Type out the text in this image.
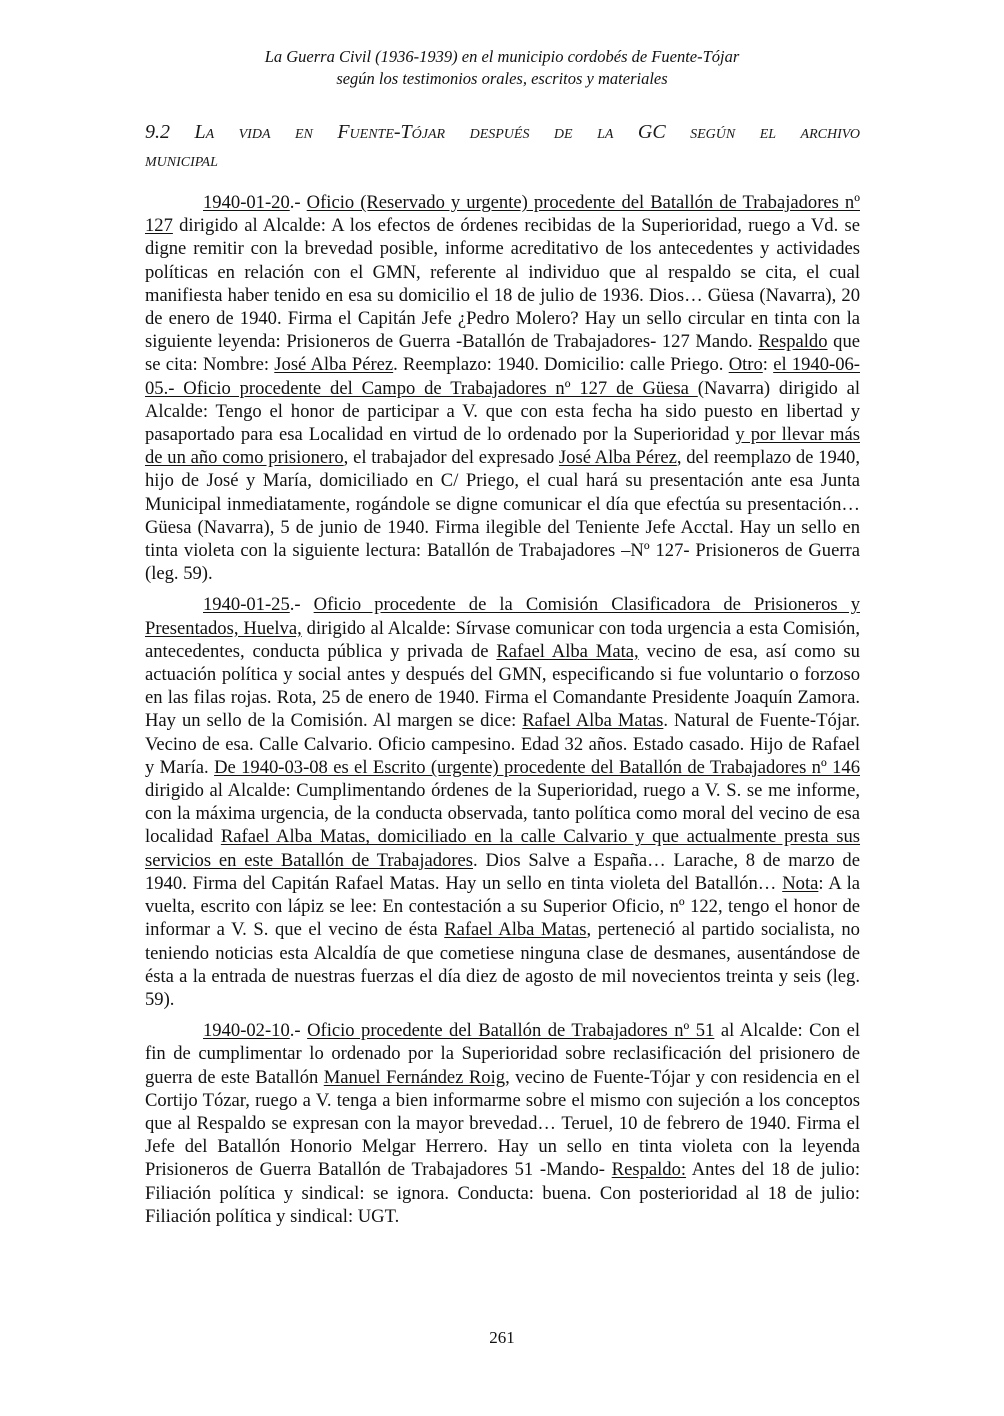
La Guerra Civil (1936-1939) en el municipio cordobés de Fuente-Tójar
según los testimonios orales, escritos y materiales
9.2 La vida en Fuente-Tójar después de la GC según el archivo
municipal

1940-01-20.- Oficio (Reservado y urgente) procedente del Batallón de Trabajadores nº 127 dirigido al Alcalde: A los efectos de órdenes recibidas de la Superioridad, ruego a Vd. se digne remitir con la brevedad posible, informe acreditativo de los antecedentes y actividades políticas en relación con el GMN, referente al individuo que al respaldo se cita, el cual manifiesta haber tenido en esa su domicilio el 18 de julio de 1936. Dios… Güesa (Navarra), 20 de enero de 1940. Firma el Capitán Jefe ¿Pedro Molero? Hay un sello circular en tinta con la siguiente leyenda: Prisioneros de Guerra -Batallón de Trabajadores- 127 Mando. Respaldo que se cita: Nombre: José Alba Pérez. Reemplazo: 1940. Domicilio: calle Priego. Otro: el 1940-06-05.- Oficio procedente del Campo de Trabajadores nº 127 de Güesa (Navarra) dirigido al Alcalde: Tengo el honor de participar a V. que con esta fecha ha sido puesto en libertad y pasaportado para esa Localidad en virtud de lo ordenado por la Superioridad y por llevar más de un año como prisionero, el trabajador del expresado José Alba Pérez, del reemplazo de 1940, hijo de José y María, domiciliado en C/ Priego, el cual hará su presentación ante esa Junta Municipal inmediatamente, rogándole se digne comunicar el día que efectúa su presentación… Güesa (Navarra), 5 de junio de 1940. Firma ilegible del Teniente Jefe Acctal. Hay un sello en tinta violeta con la siguiente lectura: Batallón de Trabajadores –Nº 127- Prisioneros de Guerra (leg. 59).

1940-01-25.- Oficio procedente de la Comisión Clasificadora de Prisioneros y Presentados, Huelva, dirigido al Alcalde: Sírvase comunicar con toda urgencia a esta Comisión, antecedentes, conducta pública y privada de Rafael Alba Mata, vecino de esa, así como su actuación política y social antes y después del GMN, especificando si fue voluntario o forzoso en las filas rojas. Rota, 25 de enero de 1940. Firma el Comandante Presidente Joaquín Zamora. Hay un sello de la Comisión. Al margen se dice: Rafael Alba Matas. Natural de Fuente-Tójar. Vecino de esa. Calle Calvario. Oficio campesino. Edad 32 años. Estado casado. Hijo de Rafael y María. De 1940-03-08 es el Escrito (urgente) procedente del Batallón de Trabajadores nº 146 dirigido al Alcalde: Cumplimentando órdenes de la Superioridad, ruego a V. S. se me informe, con la máxima urgencia, de la conducta observada, tanto política como moral del vecino de esa localidad Rafael Alba Matas, domiciliado en la calle Calvario y que actualmente presta sus servicios en este Batallón de Trabajadores. Dios Salve a España… Larache, 8 de marzo de 1940. Firma del Capitán Rafael Matas. Hay un sello en tinta violeta del Batallón… Nota: A la vuelta, escrito con lápiz se lee: En contestación a su Superior Oficio, nº 122, tengo el honor de informar a V. S. que el vecino de ésta Rafael Alba Matas, perteneció al partido socialista, no teniendo noticias esta Alcaldía de que cometiese ninguna clase de desmanes, ausentándose de ésta a la entrada de nuestras fuerzas el día diez de agosto de mil novecientos treinta y seis (leg. 59).

1940-02-10.- Oficio procedente del Batallón de Trabajadores nº 51 al Alcalde: Con el fin de cumplimentar lo ordenado por la Superioridad sobre reclasificación del prisionero de guerra de este Batallón Manuel Fernández Roig, vecino de Fuente-Tójar y con residencia en el Cortijo Tózar, ruego a V. tenga a bien informarme sobre el mismo con sujeción a los conceptos que al Respaldo se expresan con la mayor brevedad… Teruel, 10 de febrero de 1940. Firma el Jefe del Batallón Honorio Melgar Herrero. Hay un sello en tinta violeta con la leyenda Prisioneros de Guerra Batallón de Trabajadores 51 -Mando- Respaldo: Antes del 18 de julio: Filiación política y sindical: se ignora. Conducta: buena. Con posterioridad al 18 de julio: Filiación política y sindical: UGT.

261
